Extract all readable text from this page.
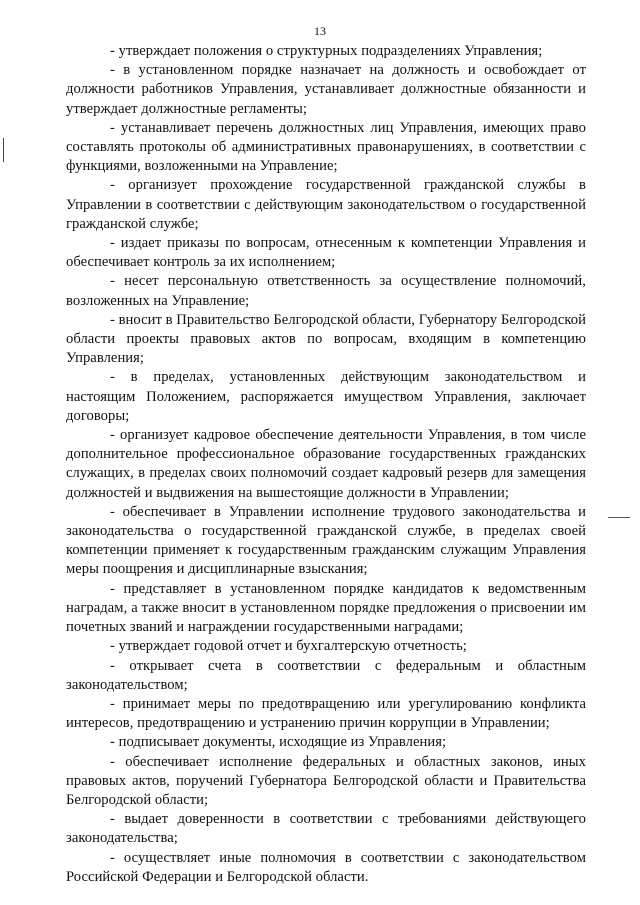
13

- утверждает положения о структурных подразделениях Управления;

- в установленном порядке назначает на должность и освобождает от должности работников Управления, устанавливает должностные обязанности и утверждает должностные регламенты;

- устанавливает перечень должностных лиц Управления, имеющих право составлять протоколы об административных правонарушениях, в соответствии с функциями, возложенными на Управление;

- организует прохождение государственной гражданской службы в Управлении в соответствии с действующим законодательством о государственной гражданской службе;

- издает приказы по вопросам, отнесенным к компетенции Управления и обеспечивает контроль за их исполнением;

- несет персональную ответственность за осуществление полномочий, возложенных на Управление;

- вносит в Правительство Белгородской области, Губернатору Белгородской области проекты правовых актов по вопросам, входящим в компетенцию Управления;

- в пределах, установленных действующим законодательством и настоящим Положением, распоряжается имуществом Управления, заключает договоры;

- организует кадровое обеспечение деятельности Управления, в том числе дополнительное профессиональное образование государственных гражданских служащих, в пределах своих полномочий создает кадровый резерв для замещения должностей и выдвижения на вышестоящие должности в Управлении;

- обеспечивает в Управлении исполнение трудового законодательства и законодательства о государственной гражданской службе, в пределах своей компетенции применяет к государственным гражданским служащим Управления меры поощрения и дисциплинарные взыскания;

- представляет в установленном порядке кандидатов к ведомственным наградам, а также вносит в установленном порядке предложения о присвоении им почетных званий и награждении государственными наградами;

- утверждает годовой отчет и бухгалтерскую отчетность;

- открывает счета в соответствии с федеральным и областным законодательством;

- принимает меры по предотвращению или урегулированию конфликта интересов, предотвращению и устранению причин коррупции в Управлении;

- подписывает документы, исходящие из Управления;

- обеспечивает исполнение федеральных и областных законов, иных правовых актов, поручений Губернатора Белгородской области и Правительства Белгородской области;

- выдает доверенности в соответствии с требованиями действующего законодательства;

- осуществляет иные полномочия в соответствии с законодательством Российской Федерации и Белгородской области.
